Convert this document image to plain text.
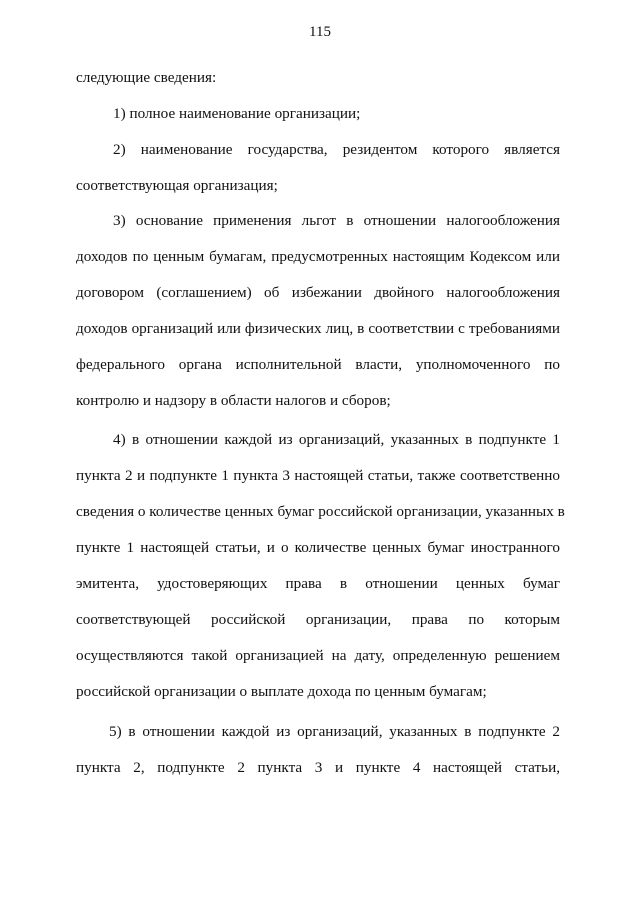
115
следующие сведения:
1) полное наименование организации;
2) наименование государства, резидентом которого является
соответствующая организация;
3) основание применения льгот в отношении налогообложения
доходов по ценным бумагам, предусмотренных настоящим Кодексом или
договором (соглашением) об избежании двойного налогообложения
доходов организаций или физических лиц, в соответствии с требованиями
федерального органа исполнительной власти, уполномоченного по
контролю и надзору в области налогов и сборов;
4) в отношении каждой из организаций, указанных в подпункте 1
пункта 2 и подпункте 1 пункта 3 настоящей статьи, также соответственно
сведения о количестве ценных бумаг российской организации, указанных в
пункте 1 настоящей статьи, и о количестве ценных бумаг иностранного
эмитента, удостоверяющих права в отношении ценных бумаг
соответствующей российской организации, права по которым
осуществляются такой организацией на дату, определенную решением
российской организации о выплате дохода по ценным бумагам;
5) в отношении каждой из организаций, указанных в подпункте 2
пункта 2, подпункте 2 пункта 3 и пункте 4 настоящей статьи,
